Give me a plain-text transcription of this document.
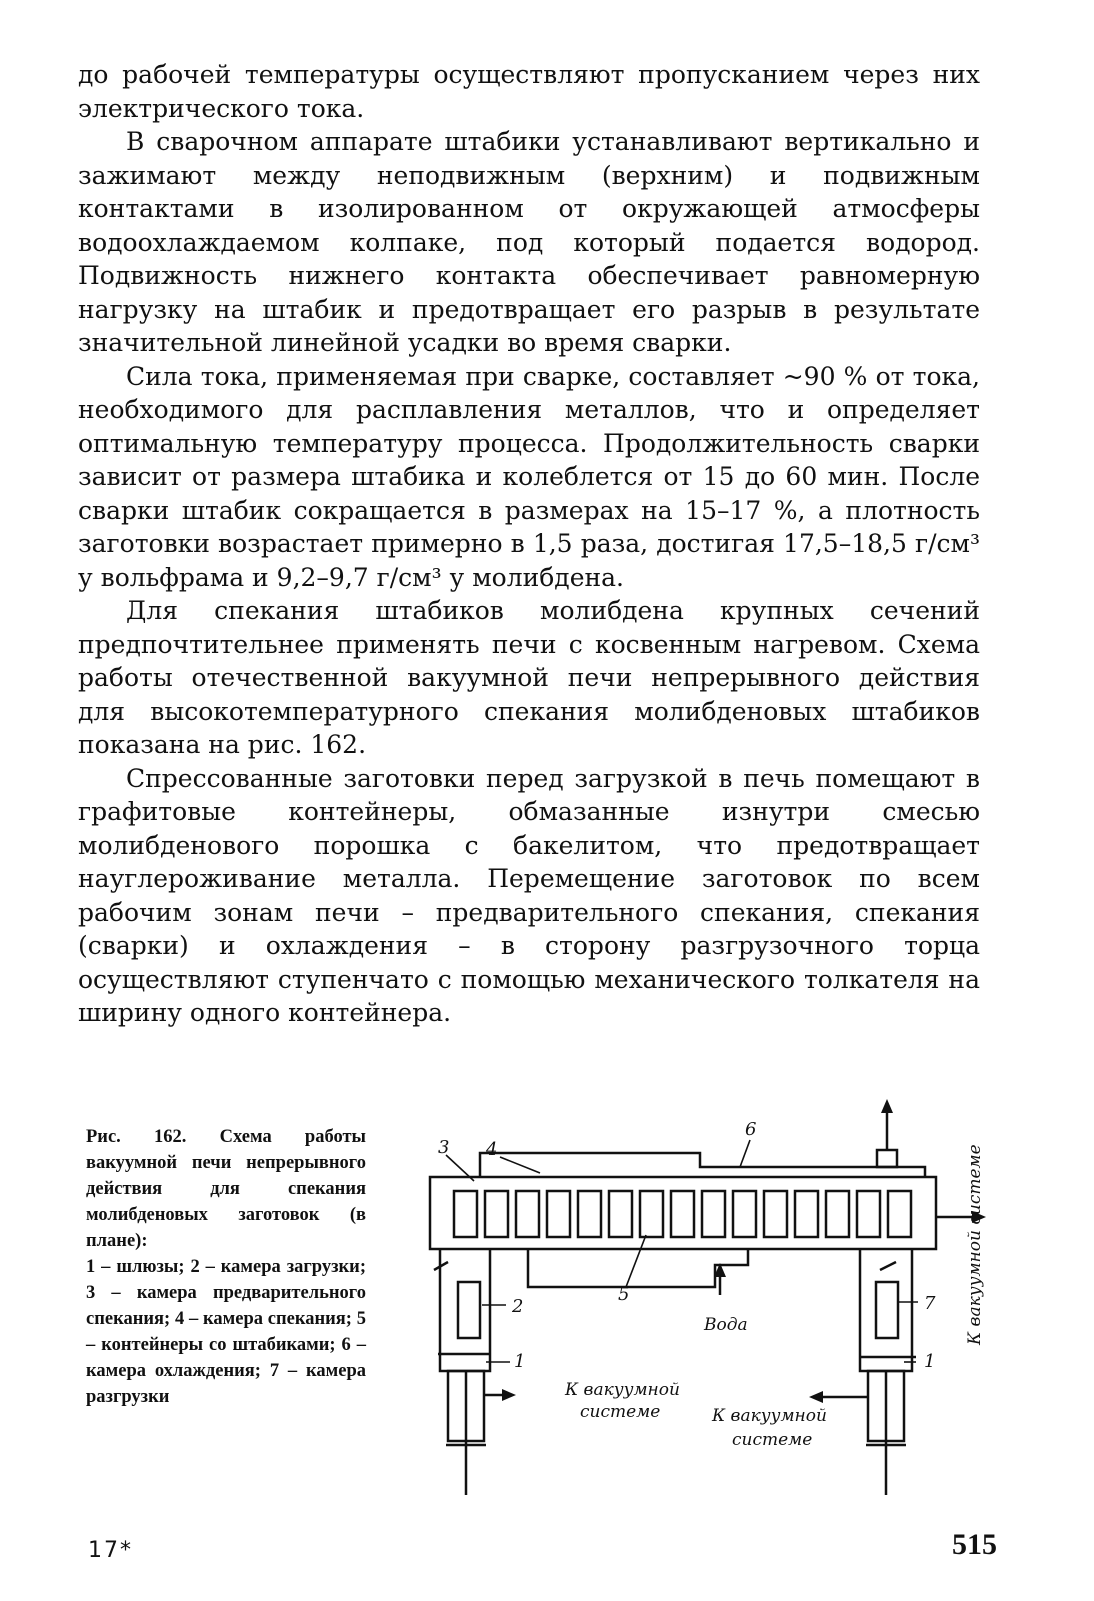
до рабочей температуры осуществляют пропусканием через них электрического тока.

В сварочном аппарате штабики устанавливают вертикально и зажимают между неподвижным (верхним) и подвижным контактами в изолированном от окружающей атмосферы водоохлаждаемом колпаке, под который подается водород. Подвижность нижнего контакта обеспечивает равномерную нагрузку на штабик и предотвращает его разрыв в результате значительной линейной усадки во время сварки.

Сила тока, применяемая при сварке, составляет ~90 % от тока, необходимого для расплавления металлов, что и определяет оптимальную температуру процесса. Продолжительность сварки зависит от размера штабика и колеблется от 15 до 60 мин. После сварки штабик сокращается в размерах на 15–17 %, а плотность заготовки возрастает примерно в 1,5 раза, достигая 17,5–18,5 г/см³ у вольфрама и 9,2–9,7 г/см³ у молибдена.

Для спекания штабиков молибдена крупных сечений предпочтительнее применять печи с косвенным нагревом. Схема работы отечественной вакуумной печи непрерывного действия для высокотемпературного спекания молибденовых штабиков показана на рис. 162.

Спрессованные заготовки перед загрузкой в печь помещают в графитовые контейнеры, обмазанные изнутри смесью молибденового порошка с бакелитом, что предотвращает науглероживание металла. Перемещение заготовок по всем рабочим зонам печи – предварительного спекания, спекания (сварки) и охлаждения – в сторону разгрузочного торца осуществляют ступенчато с помощью механического толкателя на ширину одного контейнера.

Рис. 162. Схема работы вакуумной печи непрерывного действия для спекания молибденовых заготовок (в плане):
1 – шлюзы; 2 – камера загрузки; 3 – камера предварительного спекания; 4 – камера спекания; 5 – контейнеры со штабиками; 6 – камера охлаждения; 7 – камера разгрузки
3 4
6
5
2	7
1	1
Вода
К вакуумной
системе	К вакуумной
системе
К вакуумной системе
17*	515
